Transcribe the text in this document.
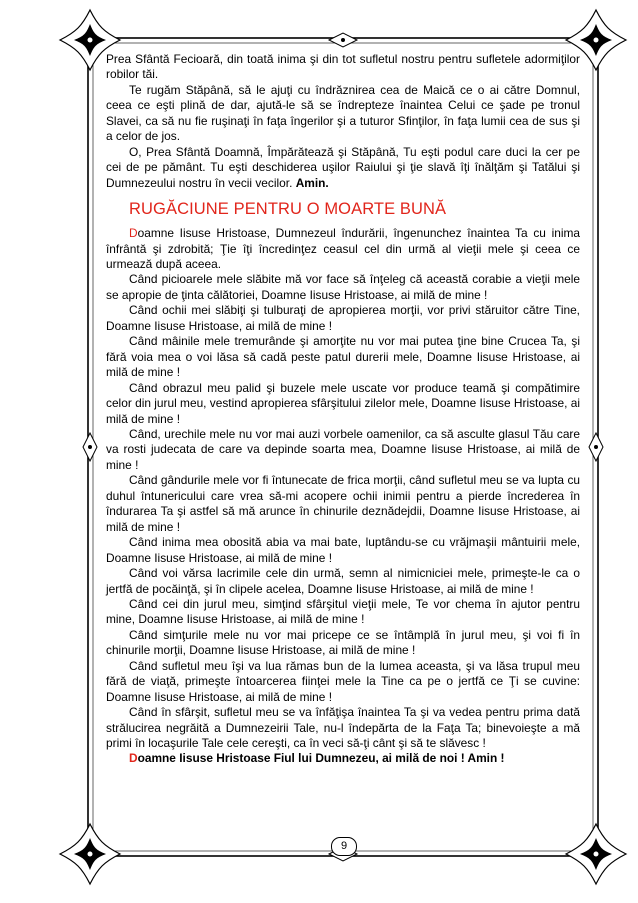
Prea Sfântă Fecioară, din toată inima şi din tot sufletul nostru pentru sufletele adormiţilor robilor tăi.

Te rugăm Stăpână, să le ajuţi cu îndrăznirea cea de Maică ce o ai către Domnul, ceea ce eşti plină de dar, ajută-le să se îndrepteze înaintea Celui ce şade pe tronul Slavei, ca să nu fie ruşinaţi în faţa îngerilor şi a tuturor Sfinţilor, în faţa lumii cea de sus şi a celor de jos.

O, Prea Sfântă Doamnă, Împărătează şi Stăpână, Tu eşti podul care duci la cer pe cei de pe pământ. Tu eşti deschiderea uşilor Raiului şi ţie slavă îţi înălţăm şi Tatălui şi Dumnezeului nostru în vecii vecilor. Amin.

RUGĂCIUNE PENTRU O MOARTE BUNĂ

Doamne Iisuse Hristoase, Dumnezeul îndurării, îngenunchez înaintea Ta cu inima înfrântă şi zdrobită; Ţie îţi încredinţez ceasul cel din urmă al vieţii mele şi ceea ce urmează după aceea.

Când picioarele mele slăbite mă vor face să înţeleg că această corabie a vieţii mele se apropie de ţinta călătoriei, Doamne Iisuse Hristoase, ai milă de mine !

Când ochii mei slăbiţi şi tulburaţi de apropierea morţii, vor privi stăruitor către Tine, Doamne Iisuse Hristoase, ai milă de mine !

Când mâinile mele tremurânde şi amorţite nu vor mai putea ţine bine Crucea Ta, şi fără voia mea o voi lăsa să cadă peste patul durerii mele, Doamne Iisuse Hristoase, ai milă de mine !

Când obrazul meu palid şi buzele mele uscate vor produce teamă şi compătimire celor din jurul meu, vestind apropierea sfârşitului zilelor mele, Doamne Iisuse Hristoase, ai milă de mine !

Când, urechile mele nu vor mai auzi vorbele oamenilor, ca să asculte glasul Tău care va rosti judecata de care va depinde soarta mea, Doamne Iisuse Hristoase, ai milă de mine !

Când gândurile mele vor fi întunecate de frica morţii, când sufletul meu se va lupta cu duhul întunericului care vrea să-mi acopere ochii inimii pentru a pierde încrederea în îndurarea Ta şi astfel să mă arunce în chinurile deznădejdii, Doamne Iisuse Hristoase, ai milă de mine !

Când inima mea obosită abia va mai bate, luptându-se cu vrăjmaşii mântuirii mele, Doamne Iisuse Hristoase, ai milă de mine !

Când voi vărsa lacrimile cele din urmă, semn al nimicniciei mele, primeşte-le ca o jertfă de pocăinţă, şi în clipele acelea, Doamne Iisuse Hristoase, ai milă de mine !

Când cei din jurul meu, simţind sfârşitul vieţii mele, Te vor chema în ajutor pentru mine, Doamne Iisuse Hristoase, ai milă de mine !

Când simţurile mele nu vor mai pricepe ce se întâmplă în jurul meu, şi voi fi în chinurile morţii, Doamne Iisuse Hristoase, ai milă de mine !

Când sufletul meu îşi va lua rămas bun de la lumea aceasta, şi va lăsa trupul meu fără de viaţă, primeşte întoarcerea fiinţei mele la Tine ca pe o jertfă ce Ţi se cuvine: Doamne Iisuse Hristoase, ai milă de mine !

Când în sfârşit, sufletul meu se va înfăţişa înaintea Ta şi va vedea pentru prima dată strălucirea negrăită a Dumnezeirii Tale, nu-l îndepărta de la Faţa Ta; binevoieşte a mă primi în locaşurile Tale cele cereşti, ca în veci să-ţi cânt şi să te slăvesc !

Doamne Iisuse Hristoase Fiul lui Dumnezeu, ai milă de noi ! Amin !

9
